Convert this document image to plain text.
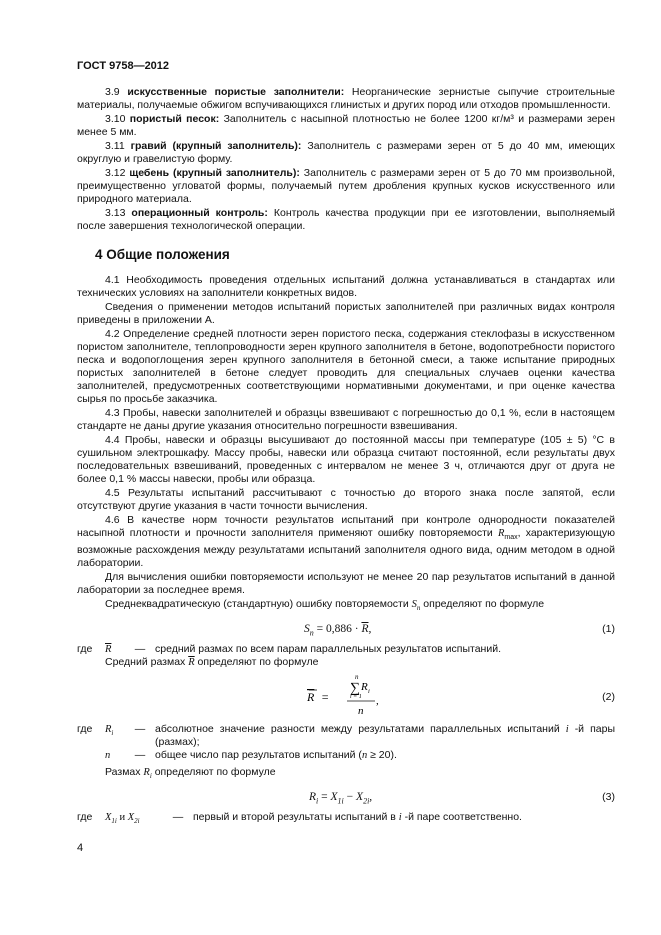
ГОСТ 9758—2012

3.9 искусственные пористые заполнители: Неорганические зернистые сыпучие строительные материалы, получаемые обжигом вспучивающихся глинистых и других пород или отходов промышленности.

3.10 пористый песок: Заполнитель с насыпной плотностью не более 1200 кг/м³ и размерами зерен менее 5 мм.

3.11 гравий (крупный заполнитель): Заполнитель с размерами зерен от 5 до 40 мм, имеющих округлую и гравелистую форму.

3.12 щебень (крупный заполнитель): Заполнитель с размерами зерен от 5 до 70 мм произвольной, преимущественно угловатой формы, получаемый путем дробления крупных кусков искусственного или природного материала.

3.13 операционный контроль: Контроль качества продукции при ее изготовлении, выполняемый после завершения технологической операции.

4 Общие положения

4.1 Необходимость проведения отдельных испытаний должна устанавливаться в стандартах или технических условиях на заполнители конкретных видов.

Сведения о применении методов испытаний пористых заполнителей при различных видах контроля приведены в приложении А.

4.2 Определение средней плотности зерен пористого песка, содержания стеклофазы в искусственном пористом заполнителе, теплопроводности зерен крупного заполнителя в бетоне, водопотребности пористого песка и водопоглощения зерен крупного заполнителя в бетонной смеси, а также испытание природных пористых заполнителей в бетоне следует проводить для специальных случаев оценки качества заполнителей, предусмотренных соответствующими нормативными документами, и при оценке качества сырья по просьбе заказчика.

4.3 Пробы, навески заполнителей и образцы взвешивают с погрешностью до 0,1 %, если в настоящем стандарте не даны другие указания относительно погрешности взвешивания.

4.4 Пробы, навески и образцы высушивают до постоянной массы при температуре (105 ± 5) °С в сушильном электрошкафу. Массу пробы, навески или образца считают постоянной, если результаты двух последовательных взвешиваний, проведенных с интервалом не менее 3 ч, отличаются друг от друга не более 0,1 % массы навески, пробы или образца.

4.5 Результаты испытаний рассчитывают с точностью до второго знака после запятой, если отсутствуют другие указания в части точности вычисления.

4.6 В качестве норм точности результатов испытаний при контроле однородности показателей насыпной плотности и прочности заполнителя применяют ошибку повторяемости $R_{max}$, характеризующую возможные расхождения между результатами испытаний заполнителя одного вида, одним методом в одной лаборатории.

Для вычисления ошибки повторяемости используют не менее 20 пар результатов испытаний в данной лаборатории за последнее время.

Среднеквадратическую (стандартную) ошибку повторяемости $S_n$ определяют по формуле

$S_n = 0,886 \cdot \overline{R}$,	(1)
где	$\overline{R}$	— средний размах по всем парам параллельных результатов испытаний.

Средний размах $\overline{R}$ определяют по формуле

R =
n
∑ R i
i = 1
n
,	(2)
где	$R_i$	— абсолютное значение разности между результатами параллельных испытаний i -й пары (размах);
n	— общее число пар результатов испытаний (n ≥ 20).

Размах $R_i$ определяют по формуле

$R_i = X_{1i} - X_{2i}$,	(3)
где	$X_{1i}$ и $X_{2i}$	— первый и второй результаты испытаний в i -й паре соответственно.
4
